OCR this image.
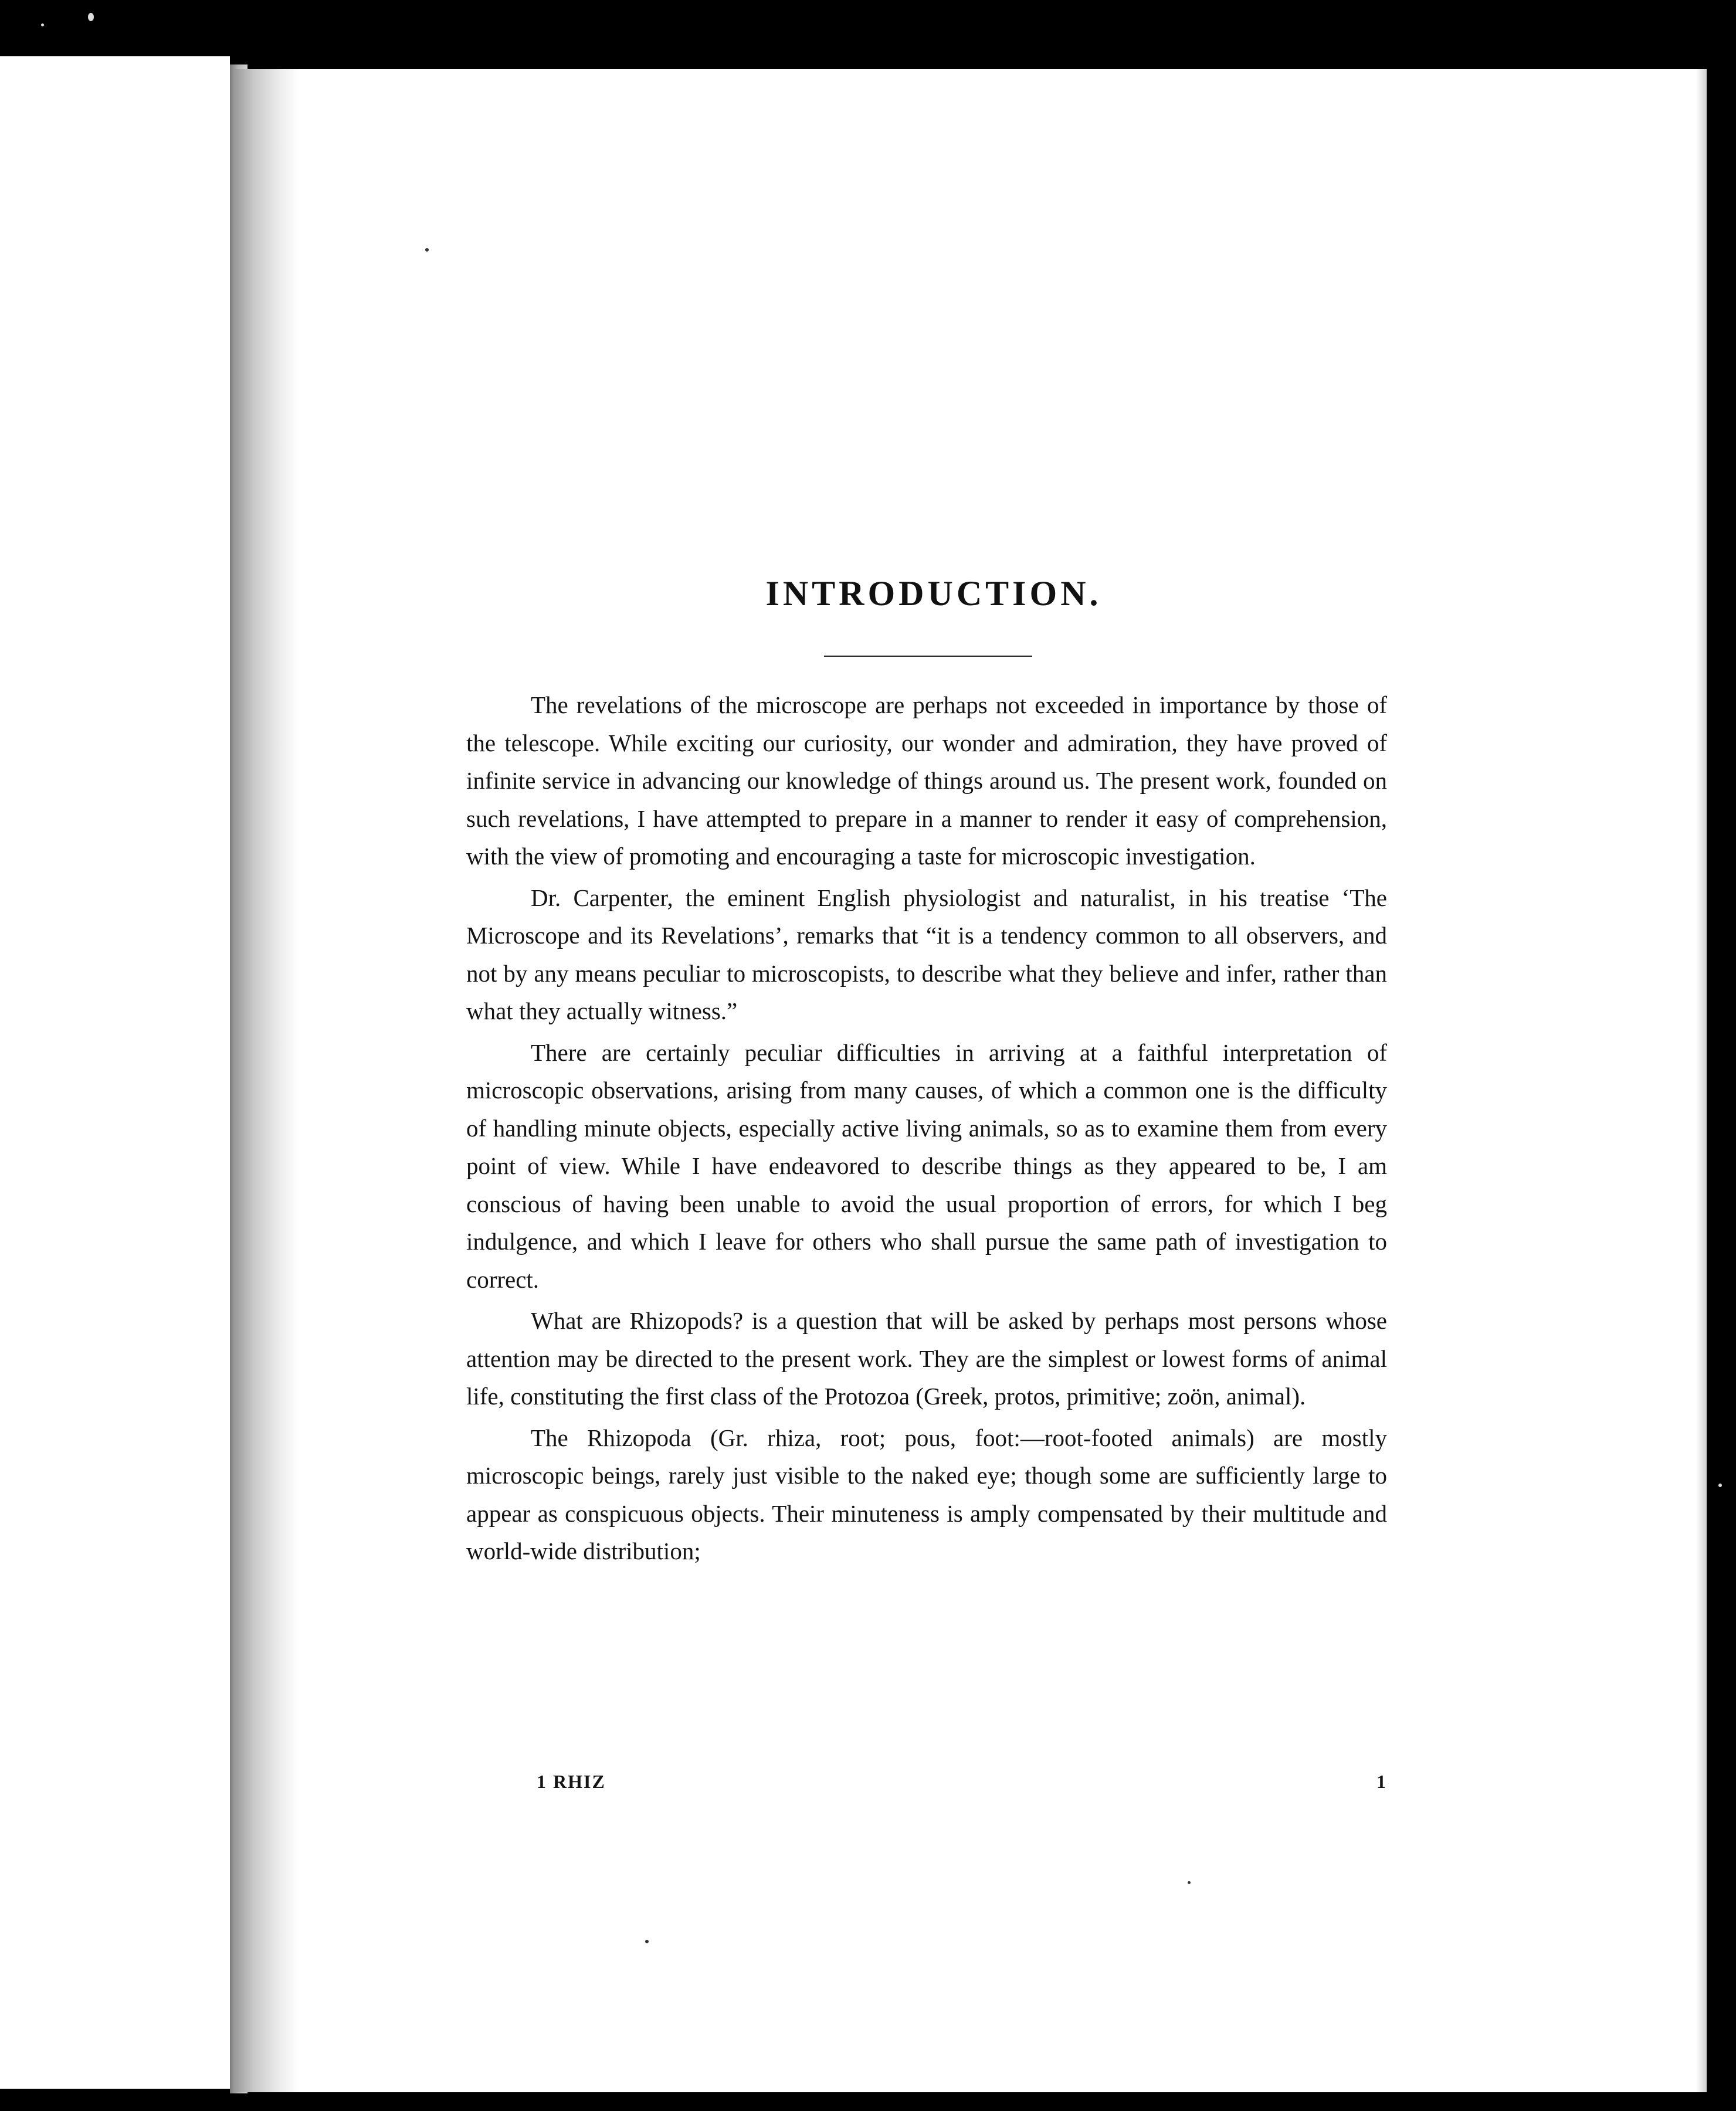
INTRODUCTION.

The revelations of the microscope are perhaps not exceeded in importance by those of the telescope. While exciting our curiosity, our wonder and admiration, they have proved of infinite service in advancing our knowledge of things around us. The present work, founded on such revelations, I have attempted to prepare in a manner to render it easy of comprehension, with the view of promoting and encouraging a taste for microscopic investigation.

Dr. Carpenter, the eminent English physiologist and naturalist, in his treatise ‘The Microscope and its Revelations’, remarks that “it is a tendency common to all observers, and not by any means peculiar to microscopists, to describe what they believe and infer, rather than what they actually witness.”

There are certainly peculiar difficulties in arriving at a faithful interpretation of microscopic observations, arising from many causes, of which a common one is the difficulty of handling minute objects, especially active living animals, so as to examine them from every point of view. While I have endeavored to describe things as they appeared to be, I am conscious of having been unable to avoid the usual proportion of errors, for which I beg indulgence, and which I leave for others who shall pursue the same path of investigation to correct.

What are Rhizopods? is a question that will be asked by perhaps most persons whose attention may be directed to the present work. They are the simplest or lowest forms of animal life, constituting the first class of the Protozoa (Greek, protos, primitive; zoön, animal).

The Rhizopoda (Gr. rhiza, root; pous, foot:—root-footed animals) are mostly microscopic beings, rarely just visible to the naked eye; though some are sufficiently large to appear as conspicuous objects. Their minuteness is amply compensated by their multitude and world-wide distribution;

1 RHIZ	1
